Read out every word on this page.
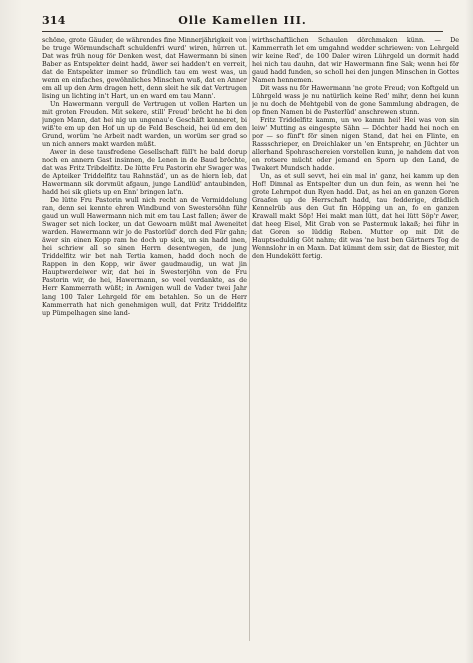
314	Olle Kamellen III.

schöne, grote Gäuder, de währendes fine Minnerjährigkeit von be truge Wörmundschaft schuldenfri wurd' wiren, hürren ut. Dat was früh noug för Denken west, dat Hawermann bi sinen Baber as Entspekter deint hadd, äwer sei hadden't en verreit, dat de Entspekter immer so fründlich tau em west was, un wenn en einfaches, gewöhnliches Minschen wuß, dat en Anner em all up den Arm dragen hett, denn sleit he sik dat Vertrugen lising un lichting in't Hart, un en ward em tau Mann'.

Un Hawermann vergull de Vertrugen ut vollen Harten un mit groten Freuden. Mit sekere, still' Freud' bröcht he bi den jungen Mann, dat hei nig un ungenau'e Geschäft kenneret, bi wiß'te em up den Hof un up de Feld Bescheid, hei üd em den Grund, worüm 'ne Arbeit nadt warden, un worüm ser grad so un nich anners makt warden müßt.

Awer in dese tausfredene Gesellschaft füll't he bald dorup noch en annern Gast insinnen, de Lenen in de Baud bröchte, dat was Fritz Tribdelfitz. De lütte Fru Pastorin ehr Swager was de Apteiker Triddelfitz tau Rahnstäd', un as de hiern leb, dat Hawermann sik dorvmüt afgaun, junge Landlüd' antaubinden, hadd hei sik gliets up en Enn' bringen lat'n.

De lütte Fru Pastorin wull nich recht an de Vermiddelung ran, denn sei kennte ehren Windbund von Swestersöhn führ gaud un wull Hawermann nich mit em tau Last fallen; äwer de Swager set nich locker, un dat Gewoarn müßt mal Aweneitet warden. Hawermann wir jo de Pastorlüd' dorch ded Für gahn; äwer sin einen Kopp ram he doch up sick, un sin hadd inen, hei schriew all so sinen Herrn desentwegen, de jung Triddelfitz wir bet nah Tertia kamen, hadd doch noch de Rappen in den Kopp, wir äwer gaudmaudig, un wat jin Hauptwerdeiwer wir, dat hei in Swesterjöhn von de Fru Pastorin wir, de hei, Hawermann, so veel verdankte, as de Herr Kammerrath wüßt; in Awnigen wull de Vader twei Jahr lang 100 Taler Lehrgeld för em betahlen. So un de Herr Kammerrath hat nich genehmigen wull, dat Fritz Triddelfitz up Pümpelhagen sine land-

wirthschaftlichen Schaulen dörchmaken künn. — De Kammerrath let em umgahnd wedder schriewen: von Lehrgeld wir keine Red', de 100 Daler wiren Lührgeld un dormit hadd hei nich tau dauhn, dat wir Hawermann fine Sak; wenn hei för gaud hadd funden, so scholl hei den jungen Minschen in Gottes Namen hennemen.

Dit wass nu för Hawermann 'ne grote Freud; von Koftgeld un Lührgeld wass je nu natürlich keine Red' mihr, denn hei kunn je nu doch de Mehtgebil von de gone Sammlung abdragen, de op finen Namen bi de Pasterlüd' anschrewen stunn.

Fritz Triddelfitz kamm, un wo kamm hei! Hei was von sin leiw' Mutting as eingespte Sähn — Döchter hadd hei noch en por — so fünf't för sinen nigen Stand, dat hei en Flinte, en Rassschrieper, en Dreichlaker un 'en Entsprehr, en Jüchter un allerhand Spohraschereien vorstellen kunn, je nahdem dat von en rotsere mücht oder jemand en Sporn up den Land, de Twakert Mundsch hadde.

Un, as et sull sevvt, hei ein mal in' ganz, hei kamm up den Hof! Dimnal as Entspelter dun un dun fein, as wenn hei 'ne grote Lehrnpot dun Ryen hadd. Dat, as hei an en ganzen Goren Graafen up de Herrschaft hadd, tau fedderige, drädlich Kennelrüb aus den Gut fin Höpping un an, fo en ganzen Krawall makt Söp! Hei makt man lütt, dat hei lütt Söp'r Awer, dat heeg Eisel, Mit Grab von se Pastermuk lakaß; hei führ in dat Goren so lüddig Reben. Mutter op mit Dit de Hauptseduldig Göt nahm; dit was 'ne lust ben Gärtners Tog de Wennslohr in en Maxn. Dat kümmt dem ssir, dat de Biester, mit den Hundekött fertig.
